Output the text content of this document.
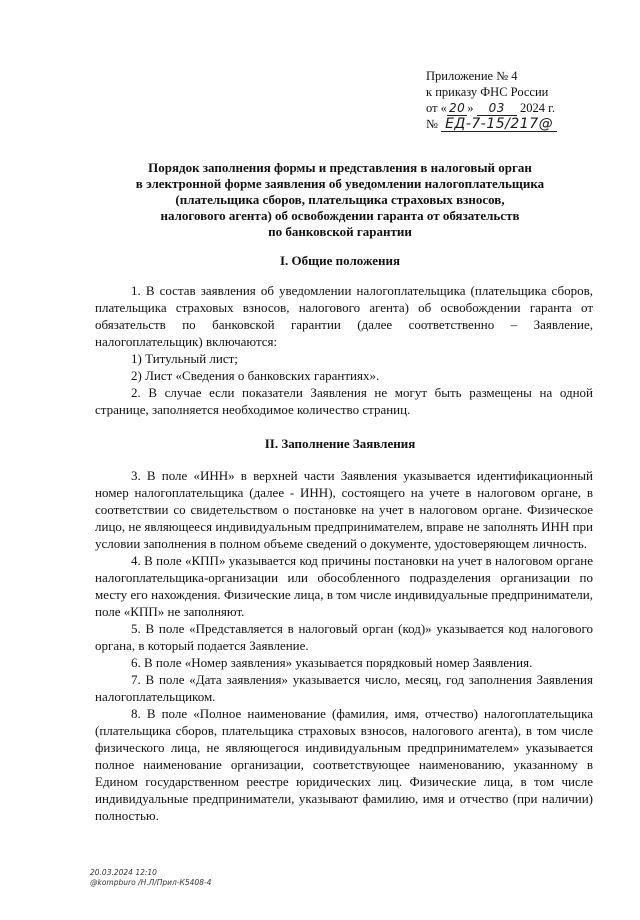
Приложение № 4
к приказу ФНС России
от « 20 » 03 2024 г.
№ ЕД-7-15/217@
Порядок заполнения формы и представления в налоговый орган
в электронной форме заявления об уведомлении налогоплательщика
(плательщика сборов, плательщика страховых взносов,
налогового агента) об освобождении гаранта от обязательств
по банковской гарантии
I. Общие положения

1. В состав заявления об уведомлении налогоплательщика (плательщика сборов, плательщика страховых взносов, налогового агента) об освобождении гаранта от обязательств по банковской гарантии (далее соответственно – Заявление, налогоплательщик) включаются:

1) Титульный лист;

2) Лист «Сведения о банковских гарантиях».

2. В случае если показатели Заявления не могут быть размещены на одной странице, заполняется необходимое количество страниц.

II. Заполнение Заявления

3. В поле «ИНН» в верхней части Заявления указывается идентификационный номер налогоплательщика (далее - ИНН), состоящего на учете в налоговом органе, в соответствии со свидетельством о постановке на учет в налоговом органе. Физическое лицо, не являющееся индивидуальным предпринимателем, вправе не заполнять ИНН при условии заполнения в полном объеме сведений о документе, удостоверяющем личность.

4. В поле «КПП» указывается код причины постановки на учет в налоговом органе налогоплательщика-организации или обособленного подразделения организации по месту его нахождения. Физические лица, в том числе индивидуальные предприниматели, поле «КПП» не заполняют.

5. В поле «Представляется в налоговый орган (код)» указывается код налогового органа, в который подается Заявление.

6. В поле «Номер заявления» указывается порядковый номер Заявления.

7. В поле «Дата заявления» указывается число, месяц, год заполнения Заявления налогоплательщиком.

8. В поле «Полное наименование (фамилия, имя, отчество) налогоплательщика (плательщика сборов, плательщика страховых взносов, налогового агента), в том числе физического лица, не являющегося индивидуальным предпринимателем» указывается полное наименование организации, соответствующее наименованию, указанному в Едином государственном реестре юридических лиц. Физические лица, в том числе индивидуальные предприниматели, указывают фамилию, имя и отчество (при наличии) полностью.

20.03.2024 12:10
@kompburo /Н.Л/Прил-К5408-4
